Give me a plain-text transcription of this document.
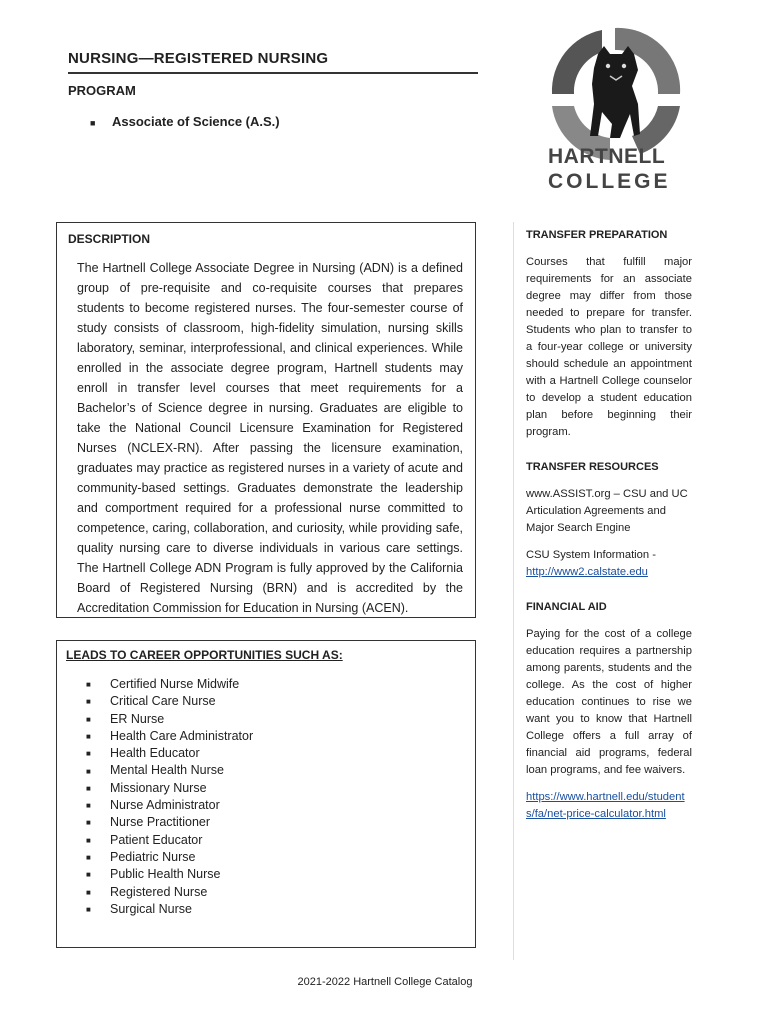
NURSING—REGISTERED NURSING
PROGRAM
■ Associate of Science (A.S.)
HARTNELL
COLLEGE
DESCRIPTION
The Hartnell College Associate Degree in Nursing (ADN) is a defined group of pre-requisite and co-requisite courses that prepares students to become registered nurses. The four-semester course of study consists of classroom, high-fidelity simulation, nursing skills laboratory, seminar, interprofessional, and clinical experiences. While enrolled in the associate degree program, Hartnell students may enroll in transfer level courses that meet requirements for a Bachelor’s of Science degree in nursing. Graduates are eligible to take the National Council Licensure Examination for Registered Nurses (NCLEX-RN). After passing the licensure examination, graduates may practice as registered nurses in a variety of acute and community-based settings. Graduates demonstrate the leadership and comportment required for a professional nurse committed to competence, caring, collaboration, and curiosity, while providing safe, quality nursing care to diverse individuals in various care settings. The Hartnell College ADN Program is fully approved by the California Board of Registered Nursing (BRN) and is accredited by the Accreditation Commission for Education in Nursing (ACEN).
LEADS TO CAREER OPPORTUNITIES SUCH AS:
■ Certified Nurse Midwife
■ Critical Care Nurse
■ ER Nurse
■ Health Care Administrator
■ Health Educator
■ Mental Health Nurse
■ Missionary Nurse
■ Nurse Administrator
■ Nurse Practitioner
■ Patient Educator
■ Pediatric Nurse
■ Public Health Nurse
■ Registered Nurse
■ Surgical Nurse
TRANSFER PREPARATION
Courses that fulfill major requirements for an associate degree may differ from those needed to prepare for transfer. Students who plan to transfer to a four-year college or university should schedule an appointment with a Hartnell College counselor to develop a student education plan before beginning their program.
TRANSFER RESOURCES
www.ASSIST.org – CSU and UC Articulation Agreements and Major Search Engine
CSU System Information -
http://www2.calstate.edu
FINANCIAL AID
Paying for the cost of a college education requires a partnership among parents, students and the college. As the cost of higher education continues to rise we want you to know that Hartnell College offers a full array of financial aid programs, federal loan programs, and fee waivers.
https://www.hartnell.edu/students/fa/net-price-calculator.html
2021-2022 Hartnell College Catalog
